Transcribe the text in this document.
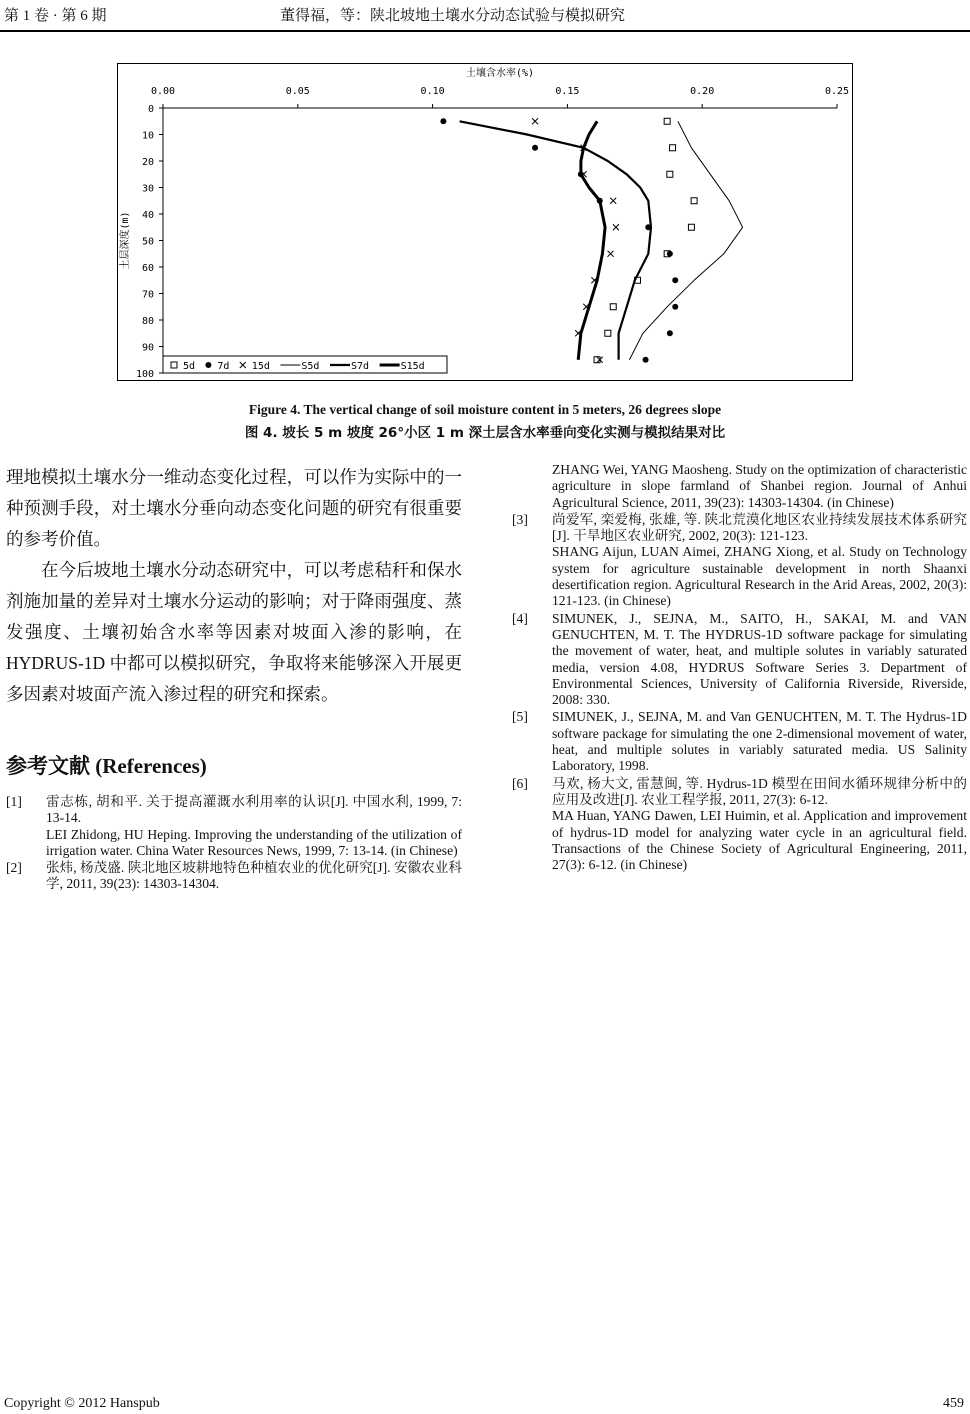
第 1 卷 · 第 6 期	董得福，等：陕北坡地土壤水分动态试验与模拟研究
土壤含水率(%)
0.00	0.05	0.10	0.15	0.20	0.25
0
10
20
30
40
50
60
70
80
90
100
土层深度(m)
5d 7d 15d	S5d	S7d	S15d
Figure 4. The vertical change of soil moisture content in 5 meters, 26 degrees slope
图 4. 坡长 5 m 坡度 26°小区 1 m 深土层含水率垂向变化实测与模拟结果对比

理地模拟土壤水分一维动态变化过程，可以作为实际中的一种预测手段，对土壤水分垂向动态变化问题的研究有很重要的参考价值。

在今后坡地土壤水分动态研究中，可以考虑秸秆和保水剂施加量的差异对土壤水分运动的影响；对于降雨强度、蒸发强度、土壤初始含水率等因素对坡面入渗的影响，在 HYDRUS-1D 中都可以模拟研究，争取将来能够深入开展更多因素对坡面产流入渗过程的研究和探索。

参考文献 (References)

[1] 雷志栋, 胡和平. 关于提高灌溉水利用率的认识[J]. 中国水利, 1999, 7: 13-14.

LEI Zhidong, HU Heping. Improving the understanding of the utilization of irrigation water. China Water Resources News, 1999, 7: 13-14. (in Chinese)

[2] 张炜, 杨茂盛. 陕北地区坡耕地特色种植农业的优化研究[J]. 安徽农业科学, 2011, 39(23): 14303-14304.

ZHANG Wei, YANG Maosheng. Study on the optimization of characteristic agriculture in slope farmland of Shanbei region. Journal of Anhui Agricultural Science, 2011, 39(23): 14303-14304. (in Chinese)

[3] 尚爱军, 栾爱梅, 张雄, 等. 陕北荒漠化地区农业持续发展技术体系研究[J]. 干旱地区农业研究, 2002, 20(3): 121-123.

SHANG Aijun, LUAN Aimei, ZHANG Xiong, et al. Study on Technology system for agriculture sustainable development in north Shaanxi desertification region. Agricultural Research in the Arid Areas, 2002, 20(3): 121-123. (in Chinese)

[4] SIMUNEK, J., SEJNA, M., SAITO, H., SAKAI, M. and VAN GENUCHTEN, M. T. The HYDRUS-1D software package for simulating the movement of water, heat, and multiple solutes in variably saturated media, version 4.08, HYDRUS Software Series 3. Department of Environmental Sciences, University of California Riverside, Riverside, 2008: 330.

[5] SIMUNEK, J., SEJNA, M. and Van GENUCHTEN, M. T. The Hydrus-1D software package for simulating the one 2-dimensional movement of water, heat, and multiple solutes in variably saturated media. US Salinity Laboratory, 1998.

[6] 马欢, 杨大文, 雷慧闽, 等. Hydrus-1D 模型在田间水循环规律分析中的应用及改进[J]. 农业工程学报, 2011, 27(3): 6-12.

MA Huan, YANG Dawen, LEI Huimin, et al. Application and improvement of hydrus-1D model for analyzing water cycle in an agricultural field. Transactions of the Chinese Society of Agricultural Engineering, 2011, 27(3): 6-12. (in Chinese)

Copyright © 2012 Hanspub	459
